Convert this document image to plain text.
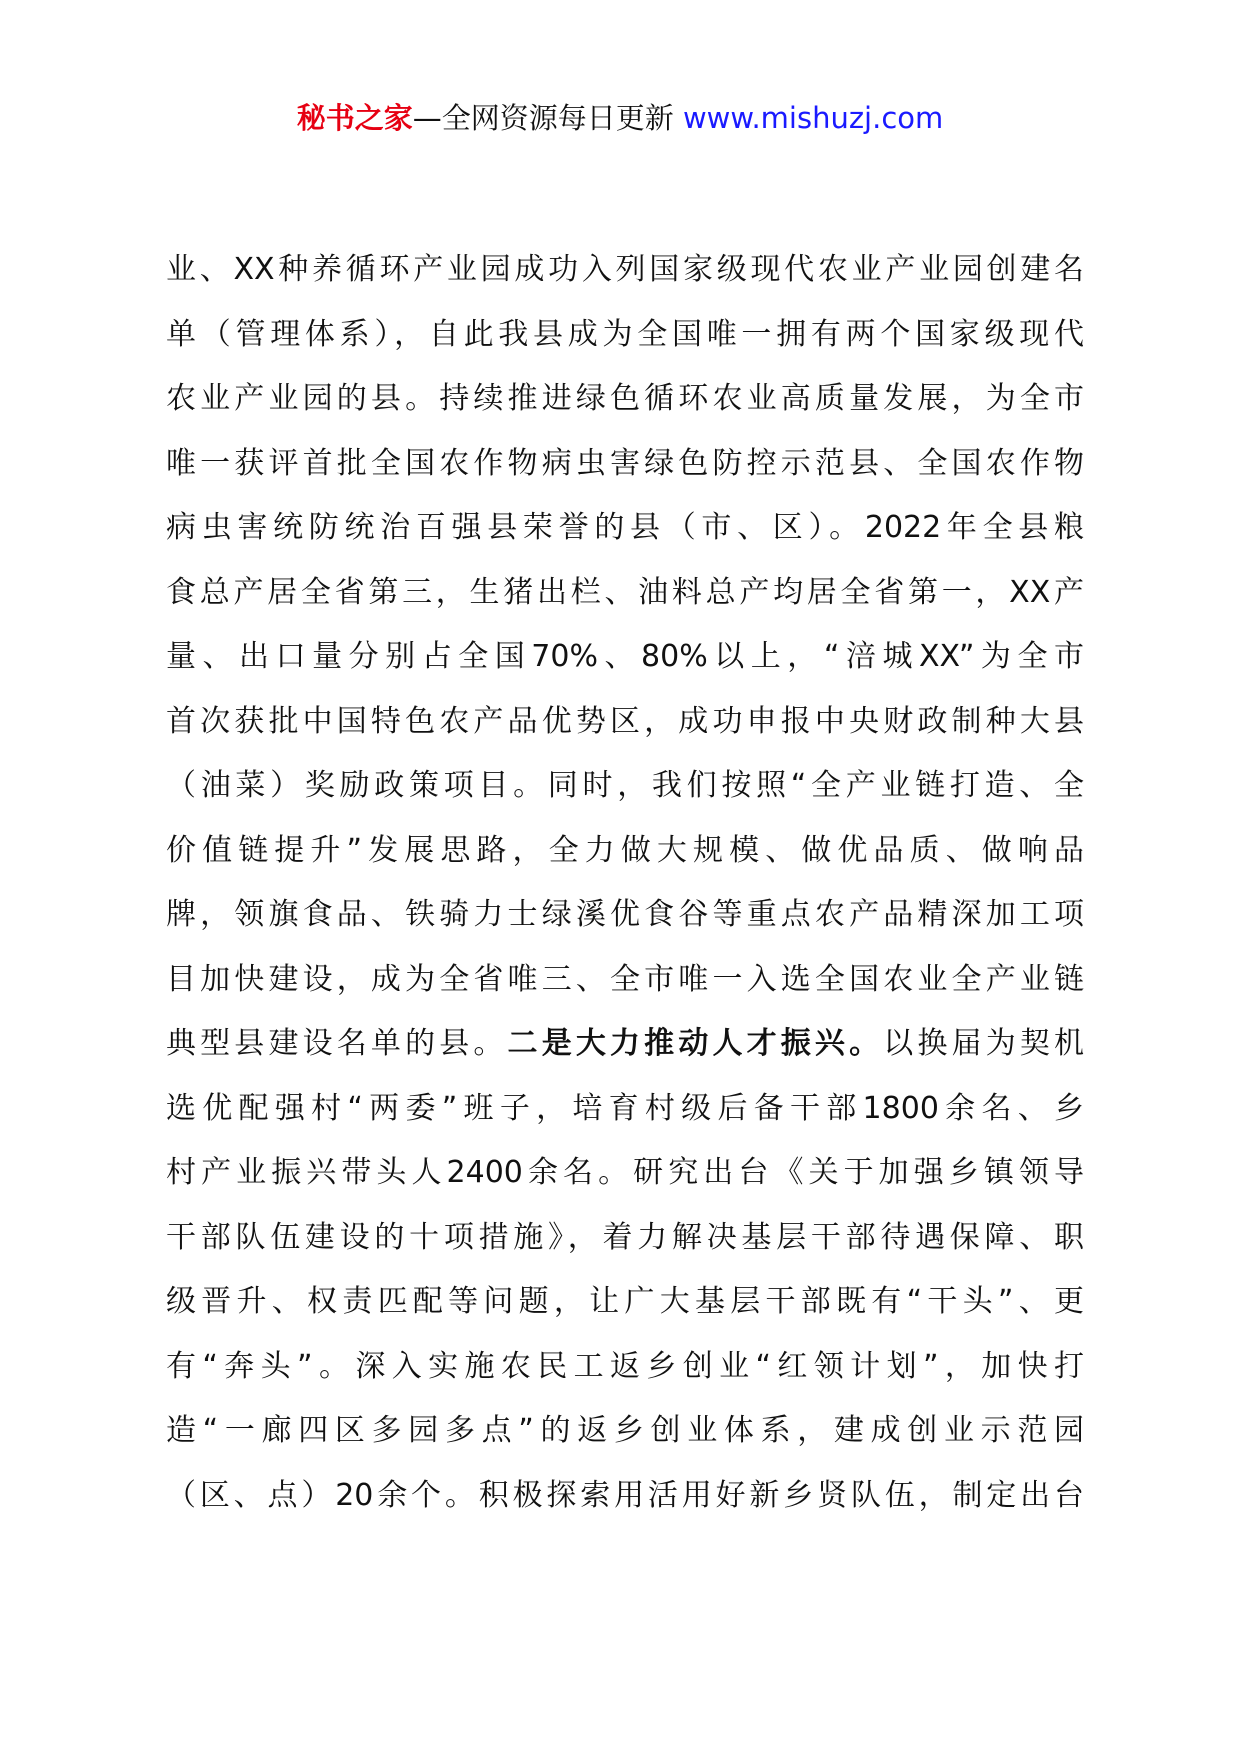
秘书之家—全网资源每日更新 www.mishuzj.com
业、XX种养循环产业园成功入列国家级现代农业产业园创建名
单（管理体系），自此我县成为全国唯一拥有两个国家级现代
农业产业园的县。持续推进绿色循环农业高质量发展，为全市
唯一获评首批全国农作物病虫害绿色防控示范县、全国农作物
病虫害统防统治百强县荣誉的县（市、区）。2022年全县粮
食总产居全省第三，生猪出栏、油料总产均居全省第一，XX产
量、出口量分别占全国70%、80%以上，“涪城XX”为全市
首次获批中国特色农产品优势区，成功申报中央财政制种大县
（油菜）奖励政策项目。同时，我们按照“全产业链打造、全
价值链提升”发展思路，全力做大规模、做优品质、做响品
牌，领旗食品、铁骑力士绿溪优食谷等重点农产品精深加工项
目加快建设，成为全省唯三、全市唯一入选全国农业全产业链
典型县建设名单的县。二是大力推动人才振兴。以换届为契机
选优配强村“两委”班子，培育村级后备干部1800余名、乡
村产业振兴带头人2400余名。研究出台《关于加强乡镇领导
干部队伍建设的十项措施》，着力解决基层干部待遇保障、职
级晋升、权责匹配等问题，让广大基层干部既有“干头”、更
有“奔头”。深入实施农民工返乡创业“红领计划”，加快打
造“一廊四区多园多点”的返乡创业体系，建成创业示范园
（区、点）20余个。积极探索用活用好新乡贤队伍，制定出台
